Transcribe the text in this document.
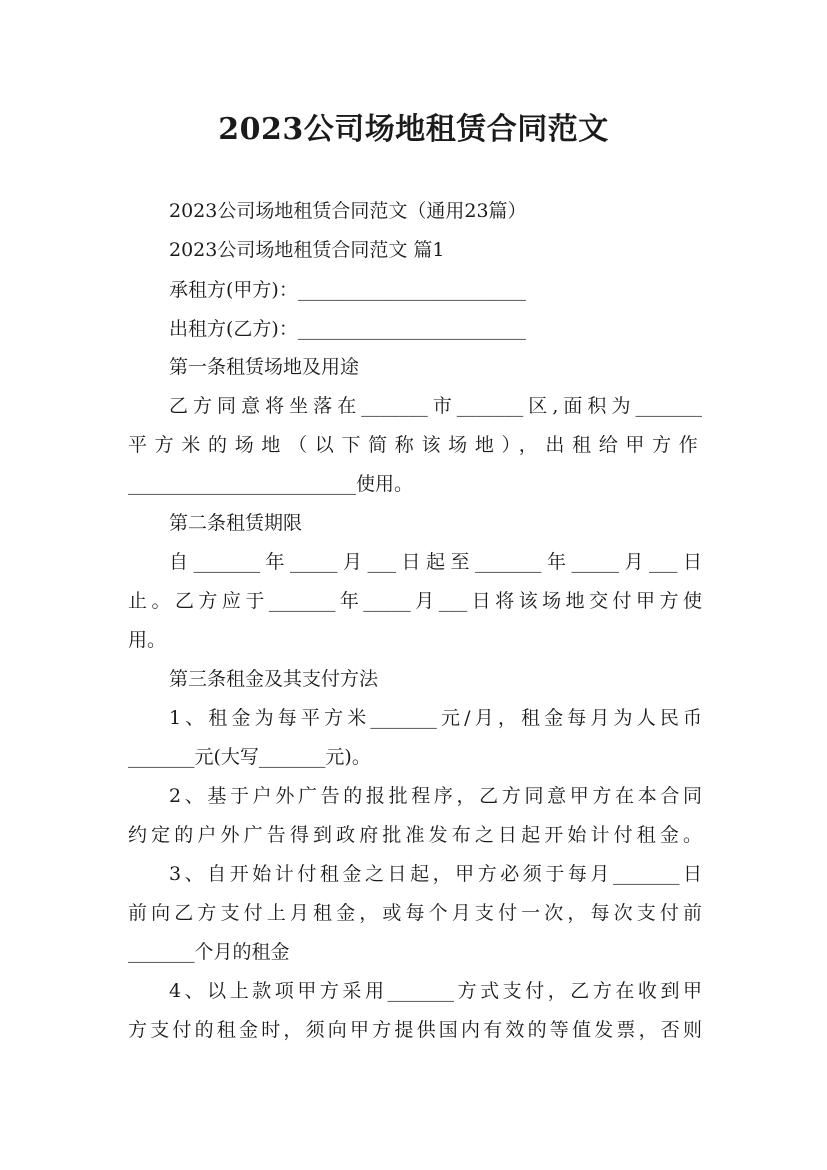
2023公司场地租赁合同范文
2023公司场地租赁合同范文（通用23篇）
2023公司场地租赁合同范文 篇1
承租方(甲方)：________________________
出租方(乙方)：________________________
第一条租赁场地及用途
乙方同意将坐落在_______市_______区,面积为_______
平方米的场地（以下简称该场地），出租给甲方作
________________________使用。
第二条租赁期限
自_______年_____月___日起至_______年_____月___日
止。乙方应于_______年_____月___日将该场地交付甲方使
用。
第三条租金及其支付方法
1、租金为每平方米_______元/月，租金每月为人民币
_______元(大写_______元)。
2、基于户外广告的报批程序，乙方同意甲方在本合同
约定的户外广告得到政府批准发布之日起开始计付租金。
3、自开始计付租金之日起，甲方必须于每月_______日
前向乙方支付上月租金，或每个月支付一次，每次支付前
_______个月的租金
4、以上款项甲方采用_______方式支付，乙方在收到甲
方支付的租金时，须向甲方提供国内有效的等值发票，否则
